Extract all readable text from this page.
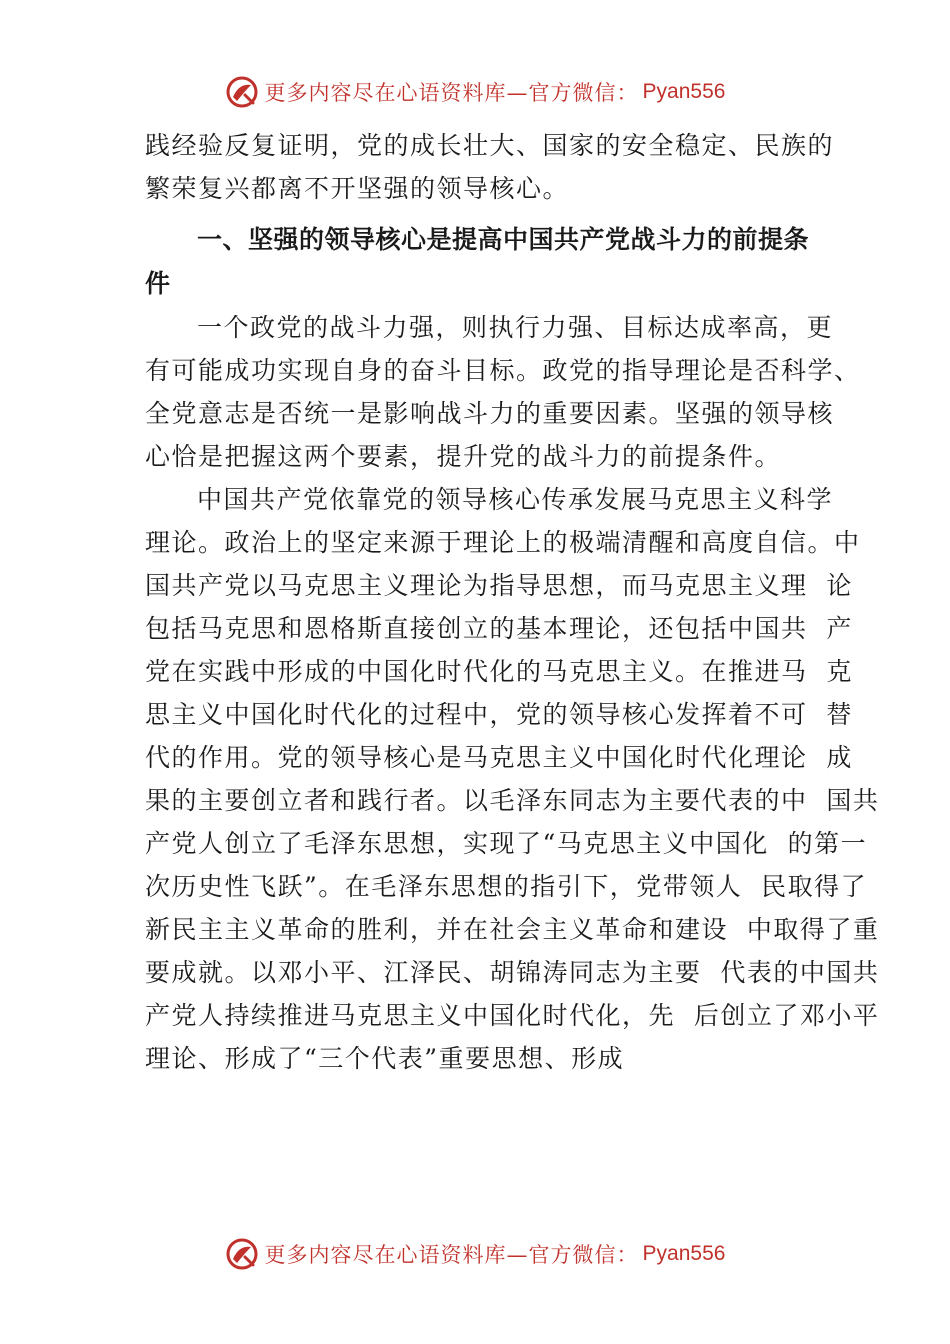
更多内容尽在心语资料库—官方微信： Pyan556
践经验反复证明，党的成长壮大、国家的安全稳定、民族的
繁荣复兴都离不开坚强的领导核心。
一、坚强的领导核心是提高中国共产党战斗力的前提条
件
一个政党的战斗力强，则执行力强、目标达成率高，更
有可能成功实现自身的奋斗目标。政党的指导理论是否科学、
全党意志是否统一是影响战斗力的重要因素。坚强的领导核
心恰是把握这两个要素，提升党的战斗力的前提条件。
中国共产党依靠党的领导核心传承发展马克思主义科学
理论。政治上的坚定来源于理论上的极端清醒和高度自信。中
国共产党以马克思主义理论为指导思想，而马克思主义理  论
包括马克思和恩格斯直接创立的基本理论，还包括中国共  产
党在实践中形成的中国化时代化的马克思主义。在推进马  克
思主义中国化时代化的过程中，党的领导核心发挥着不可  替
代的作用。党的领导核心是马克思主义中国化时代化理论  成
果的主要创立者和践行者。以毛泽东同志为主要代表的中  国共
产党人创立了毛泽东思想，实现了“马克思主义中国化  的第一
次历史性飞跃”。在毛泽东思想的指引下，党带领人  民取得了
新民主主义革命的胜利，并在社会主义革命和建设  中取得了重
要成就。以邓小平、江泽民、胡锦涛同志为主要  代表的中国共
产党人持续推进马克思主义中国化时代化，先  后创立了邓小平
理论、形成了“三个代表”重要思想、形成
更多内容尽在心语资料库—官方微信： Pyan556
